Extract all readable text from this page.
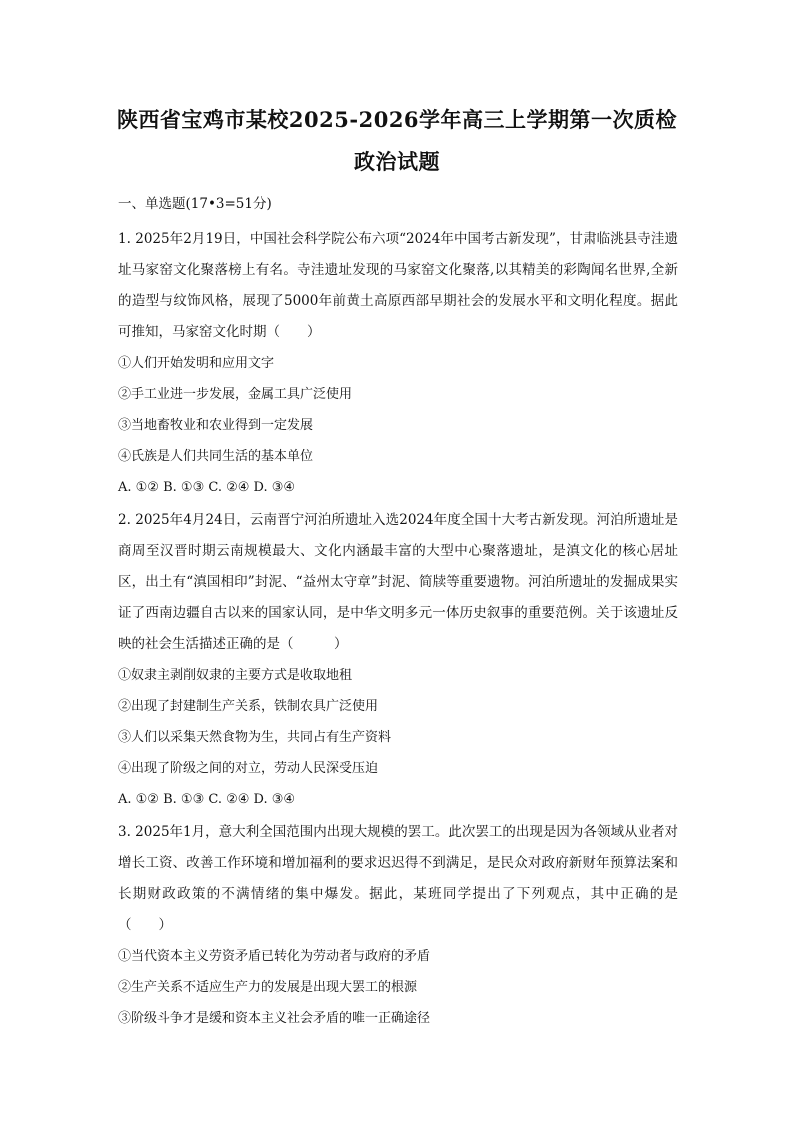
陕西省宝鸡市某校2025-2026学年高三上学期第一次质检
政治试题
一、单选题(17•3=51分)

1. 2025年2月19日，中国社会科学院公布六项“2024年中国考古新发现”，甘肃临洮县寺洼遗址马家窑文化聚落榜上有名。寺洼遗址发现的马家窑文化聚落,以其精美的彩陶闻名世界,全新的造型与纹饰风格，展现了5000年前黄土高原西部早期社会的发展水平和文明化程度。据此可推知，马家窑文化时期（　　）

①人们开始发明和应用文字

②手工业进一步发展，金属工具广泛使用

③当地畜牧业和农业得到一定发展

④氏族是人们共同生活的基本单位

A. ①② B. ①③ C. ②④ D. ③④

2. 2025年4月24日，云南晋宁河泊所遗址入选2024年度全国十大考古新发现。河泊所遗址是商周至汉晋时期云南规模最大、文化内涵最丰富的大型中心聚落遗址，是滇文化的核心居址区，出土有“滇国相印”封泥、“益州太守章”封泥、简牍等重要遗物。河泊所遗址的发掘成果实证了西南边疆自古以来的国家认同，是中华文明多元一体历史叙事的重要范例。关于该遗址反映的社会生活描述正确的是（　　　）

①奴隶主剥削奴隶的主要方式是收取地租

②出现了封建制生产关系，铁制农具广泛使用

③人们以采集天然食物为生，共同占有生产资料

④出现了阶级之间的对立，劳动人民深受压迫

A. ①② B. ①③ C. ②④ D. ③④

3. 2025年1月，意大利全国范围内出现大规模的罢工。此次罢工的出现是因为各领域从业者对增长工资、改善工作环境和增加福利的要求迟迟得不到满足，是民众对政府新财年预算法案和长期财政政策的不满情绪的集中爆发。据此，某班同学提出了下列观点，其中正确的是（　　）

①当代资本主义劳资矛盾已转化为劳动者与政府的矛盾

②生产关系不适应生产力的发展是出现大罢工的根源

③阶级斗争才是缓和资本主义社会矛盾的唯一正确途径
